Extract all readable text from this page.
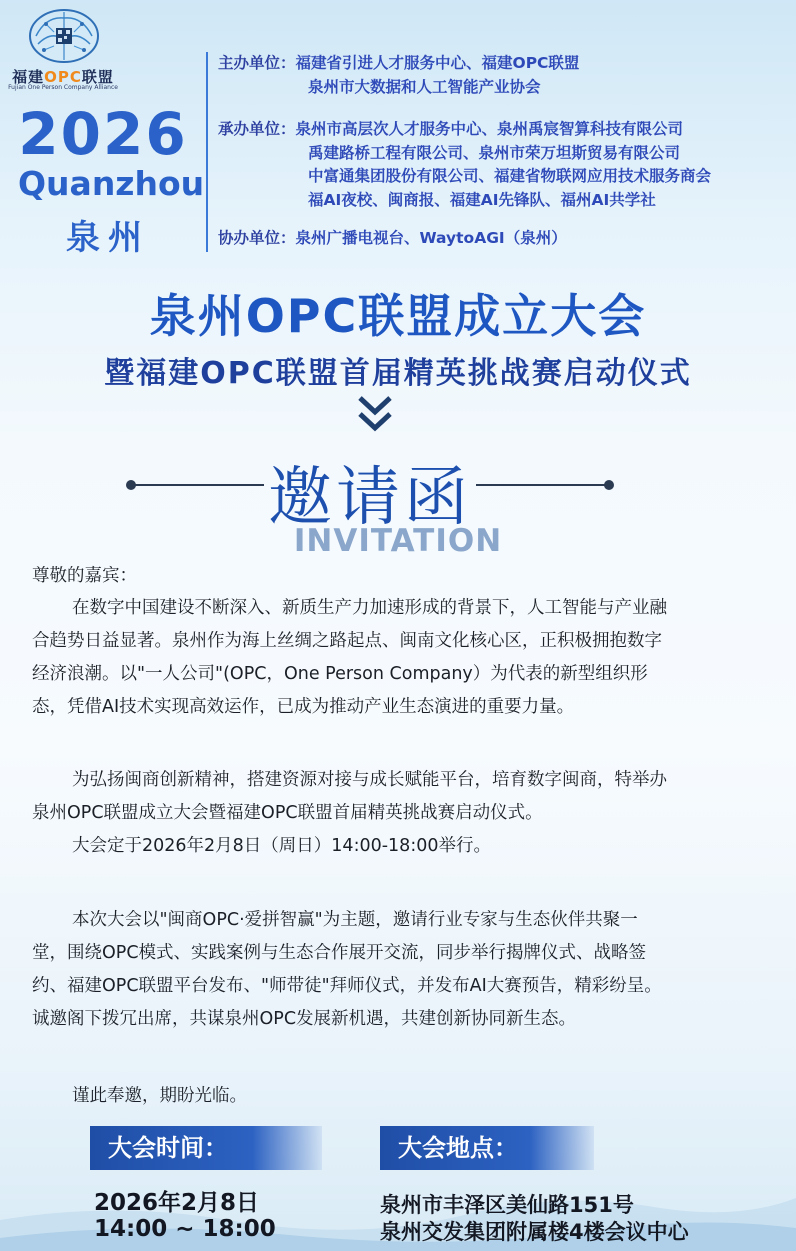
福建OPC联盟
Fujian One Person Company Alliance
2026
Quanzhou
泉州
主办单位：福建省引进人才服务中心、福建OPC联盟
泉州市大数据和人工智能产业协会
承办单位：泉州市高层次人才服务中心、泉州禹宸智算科技有限公司
禹建路桥工程有限公司、泉州市荣万坦斯贸易有限公司
中富通集团股份有限公司、福建省物联网应用技术服务商会
福AI夜校、闽商报、福建AI先锋队、福州AI共学社
协办单位：泉州广播电视台、WaytoAGI（泉州）
泉州OPC联盟成立大会
暨福建OPC联盟首届精英挑战赛启动仪式
邀请函
INVITATION
尊敬的嘉宾：
在数字中国建设不断深入、新质生产力加速形成的背景下，人工智能与产业融
合趋势日益显著。泉州作为海上丝绸之路起点、闽南文化核心区，正积极拥抱数字
经济浪潮。以"一人公司"(OPC，One Person Company）为代表的新型组织形
态，凭借AI技术实现高效运作，已成为推动产业生态演进的重要力量。
为弘扬闽商创新精神，搭建资源对接与成长赋能平台，培育数字闽商，特举办
泉州OPC联盟成立大会暨福建OPC联盟首届精英挑战赛启动仪式。
大会定于2026年2月8日（周日）14:00-18:00举行。
本次大会以"闽商OPC·爱拼智赢"为主题，邀请行业专家与生态伙伴共聚一
堂，围绕OPC模式、实践案例与生态合作展开交流，同步举行揭牌仪式、战略签
约、福建OPC联盟平台发布、"师带徒"拜师仪式，并发布AI大赛预告，精彩纷呈。
诚邀阁下拨冗出席，共谋泉州OPC发展新机遇，共建创新协同新生态。
谨此奉邀，期盼光临。
大会时间：	大会地点：
2026年2月8日
14:00 ~ 18:00
泉州市丰泽区美仙路151号
泉州交发集团附属楼4楼会议中心
